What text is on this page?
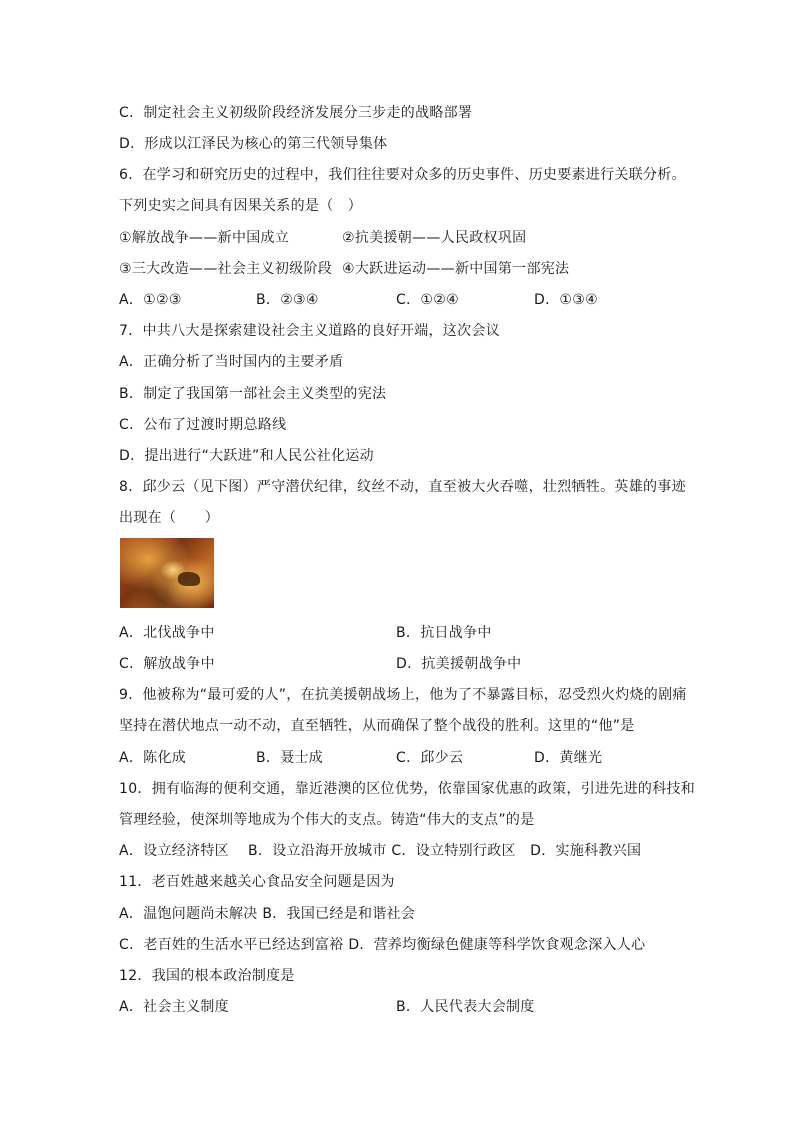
C．制定社会主义初级阶段经济发展分三步走的战略部署
D．形成以江泽民为核心的第三代领导集体
6．在学习和研究历史的过程中，我们往往要对众多的历史事件、历史要素进行关联分析。
下列史实之间具有因果关系的是（　）
①解放战争——新中国成立	②抗美援朝——人民政权巩固
③三大改造——社会主义初级阶段 ④大跃进运动——新中国第一部宪法
A．①②③	B．②③④	C．①②④	D．①③④
7．中共八大是探索建设社会主义道路的良好开端，这次会议
A．正确分析了当时国内的主要矛盾
B．制定了我国第一部社会主义类型的宪法
C．公布了过渡时期总路线
D．提出进行“大跃进”和人民公社化运动
8．邱少云（见下图）严守潜伏纪律，纹丝不动，直至被大火吞噬，壮烈牺牲。英雄的事迹
出现在（　　）
A．北伐战争中	B．抗日战争中
C．解放战争中	D．抗美援朝战争中
9．他被称为“最可爱的人”，在抗美援朝战场上，他为了不暴露目标，忍受烈火灼烧的剧痛
坚持在潜伏地点一动不动，直至牺牲，从而确保了整个战役的胜利。这里的“他”是
A．陈化成	B．聂士成	C．邱少云	D．黄继光
10．拥有临海的便利交通，靠近港澳的区位优势，依靠国家优惠的政策，引进先进的科技和
管理经验，使深圳等地成为个伟大的支点。铸造“伟大的支点”的是
A．设立经济特区　 B．设立沿海开放城市 C．设立特别行政区　D．实施科教兴国
11．老百姓越来越关心食品安全问题是因为
A．温饱问题尚未解决 B．我国已经是和谐社会
C．老百姓的生活水平已经达到富裕 D．营养均衡绿色健康等科学饮食观念深入人心
12．我国的根本政治制度是
A．社会主义制度	B．人民代表大会制度
